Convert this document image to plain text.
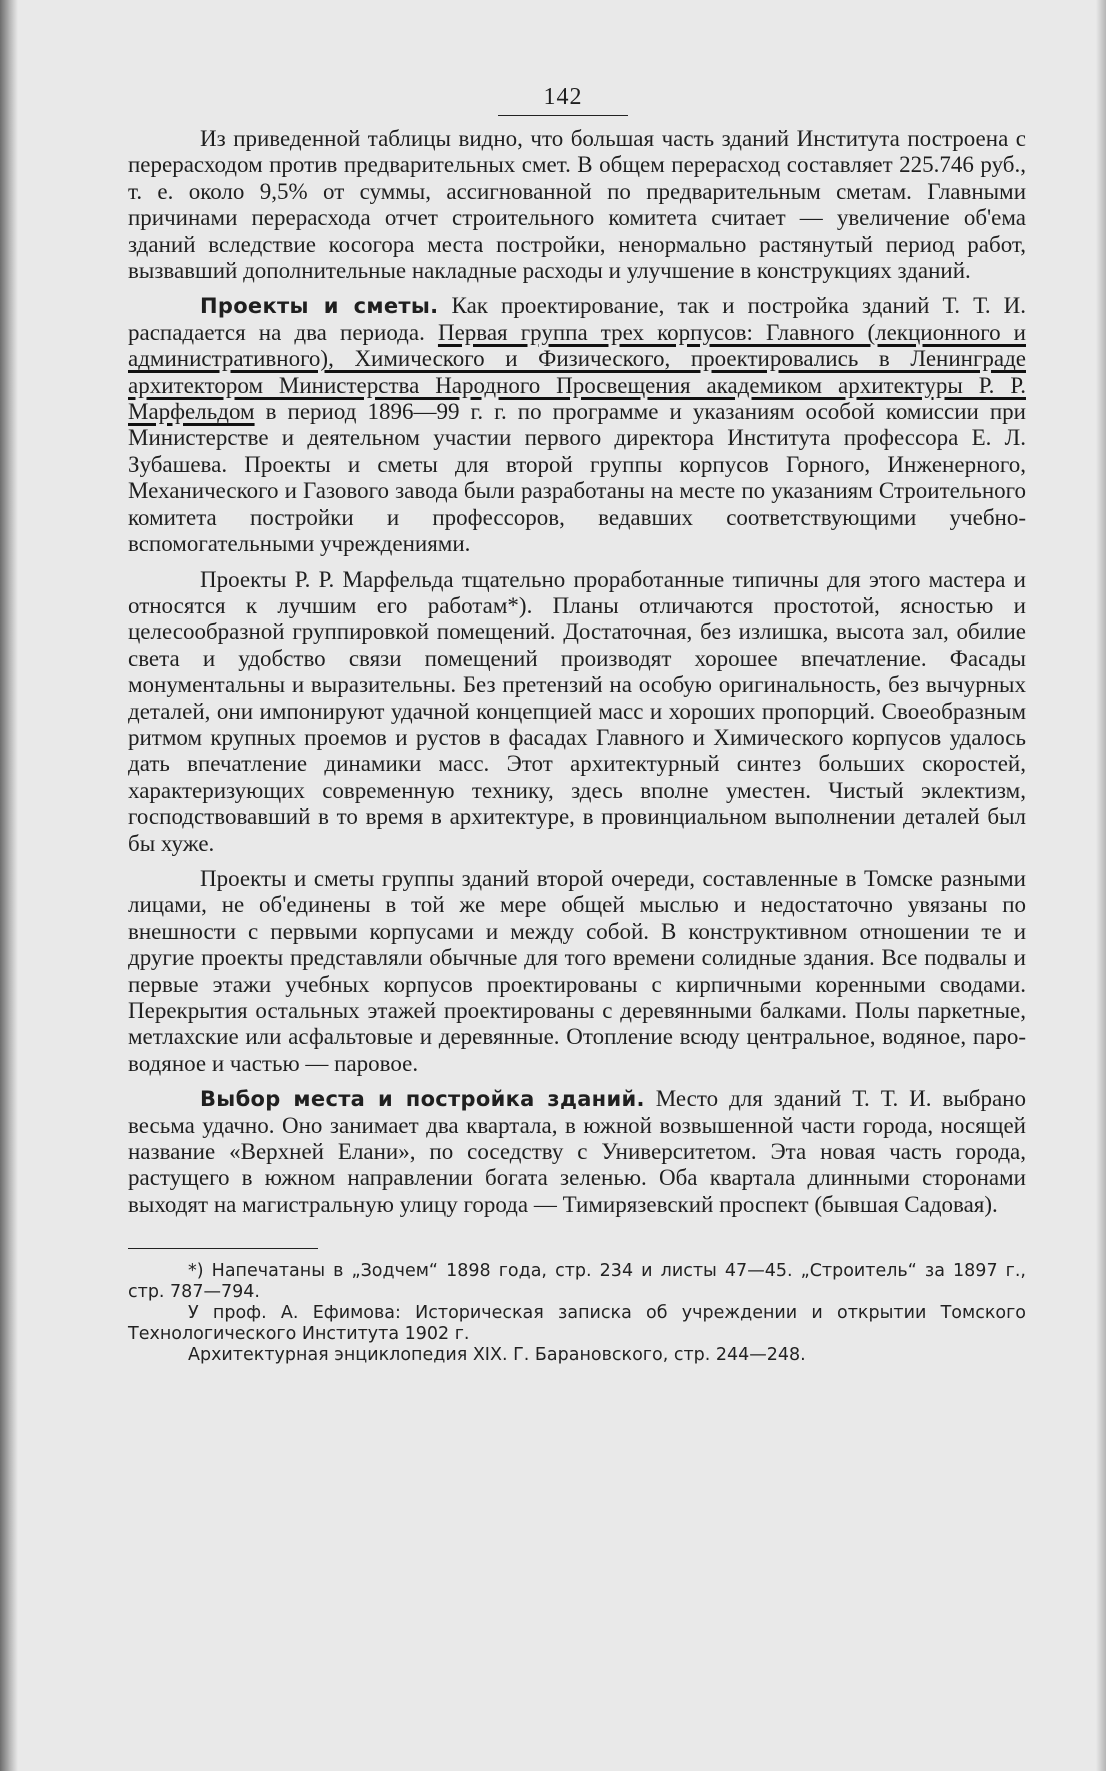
142

Из приведенной таблицы видно, что большая часть зданий Института построена с перерасходом против предварительных смет. В общем перерасход составляет 225.746 руб., т. е. около 9,5% от суммы, ассигнованной по предварительным сметам. Главными причинами перерасхода отчет строительного комитета считает — увеличение об'ема зданий вследствие косогора места постройки, ненормально растянутый период работ, вызвавший дополнительные накладные расходы и улучшение в конструкциях зданий.

Проекты и сметы. Как проектирование, так и постройка зданий Т. Т. И. распадается на два периода. Первая группа трех корпусов: Главного (лекционного и административного), Химического и Физического, проектировались в Ленинграде архитектором Министерства Народного Просвещения академиком архитектуры Р. Р. Марфельдом в период 1896—99 г. г. по программе и указаниям особой комиссии при Министерстве и деятельном участии первого директора Института профессора Е. Л. Зубашева. Проекты и сметы для второй группы корпусов Горного, Инженерного, Механического и Газового завода были разработаны на месте по указаниям Строительного комитета постройки и профессоров, ведавших соответствующими учебно-вспомогательными учреждениями.

Проекты Р. Р. Марфельда тщательно проработанные типичны для этого мастера и относятся к лучшим его работам*). Планы отличаются простотой, ясностью и целесообразной группировкой помещений. Достаточная, без излишка, высота зал, обилие света и удобство связи помещений производят хорошее впечатление. Фасады монументальны и выразительны. Без претензий на особую оригинальность, без вычурных деталей, они импонируют удачной концепцией масс и хороших пропорций. Своеобразным ритмом крупных проемов и рустов в фасадах Главного и Химического корпусов удалось дать впечатление динамики масс. Этот архитектурный синтез больших скоростей, характеризующих современную технику, здесь вполне уместен. Чистый эклектизм, господствовавший в то время в архитектуре, в провинциальном выполнении деталей был бы хуже.

Проекты и сметы группы зданий второй очереди, составленные в Томске разными лицами, не об'единены в той же мере общей мыслью и недостаточно увязаны по внешности с первыми корпусами и между собой. В конструктивном отношении те и другие проекты представляли обычные для того времени солидные здания. Все подвалы и первые этажи учебных корпусов проектированы с кирпичными коренными сводами. Перекрытия остальных этажей проектированы с деревянными балками. Полы паркетные, метлахские или асфальтовые и деревянные. Отопление всюду центральное, водяное, паро-водяное и частью — паровое.

Выбор места и постройка зданий. Место для зданий Т. Т. И. выбрано весьма удачно. Оно занимает два квартала, в южной возвышенной части города, носящей название «Верхней Елани», по соседству с Университетом. Эта новая часть города, растущего в южном направлении богата зеленью. Оба квартала длинными сторонами выходят на магистральную улицу города — Тимирязевский проспект (бывшая Садовая).

*) Напечатаны в „Зодчем“ 1898 года, стр. 234 и листы 47—45. „Строитель“ за 1897 г., стр. 787—794.

У проф. А. Ефимова: Историческая записка об учреждении и открытии Томского Технологического Института 1902 г.

Архитектурная энциклопедия XIX. Г. Барановского, стр. 244—248.
